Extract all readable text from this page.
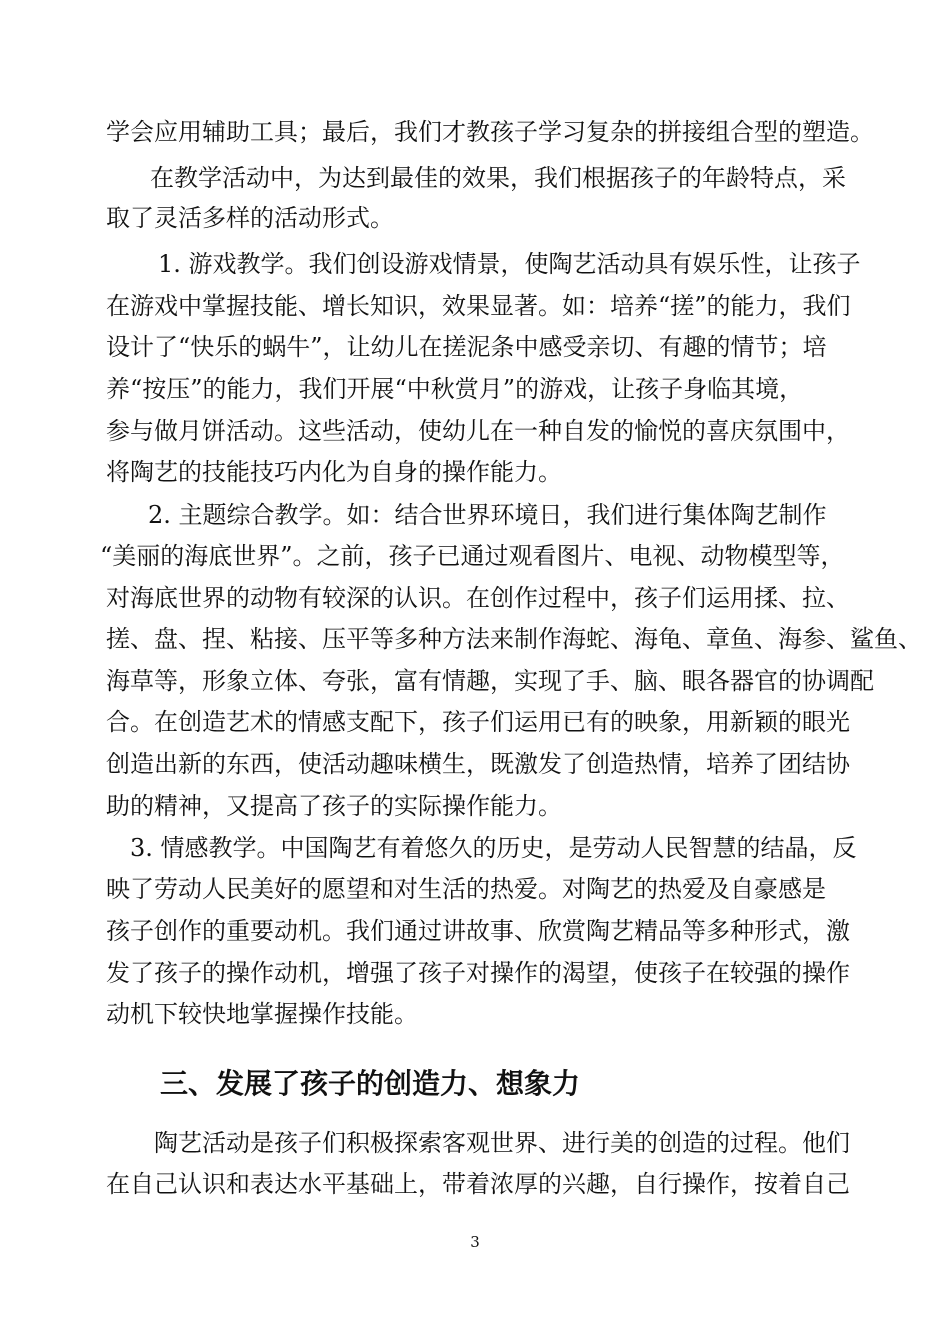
学会应用辅助工具；最后，我们才教孩子学习复杂的拼接组合型的塑造。
在教学活动中，为达到最佳的效果，我们根据孩子的年龄特点，采
取了灵活多样的活动形式。
1. 游戏教学。我们创设游戏情景，使陶艺活动具有娱乐性，让孩子
在游戏中掌握技能、增长知识，效果显著。如：培养“搓”的能力，我们
设计了“快乐的蜗牛”，让幼儿在搓泥条中感受亲切、有趣的情节；培
养“按压”的能力，我们开展“中秋赏月”的游戏，让孩子身临其境，
参与做月饼活动。这些活动，使幼儿在一种自发的愉悦的喜庆氛围中，
将陶艺的技能技巧内化为自身的操作能力。
2. 主题综合教学。如：结合世界环境日，我们进行集体陶艺制作
“美丽的海底世界”。之前，孩子已通过观看图片、电视、动物模型等，
对海底世界的动物有较深的认识。在创作过程中，孩子们运用揉、拉、
搓、盘、捏、粘接、压平等多种方法来制作海蛇、海龟、章鱼、海参、鲨鱼、
海草等，形象立体、夸张，富有情趣，实现了手、脑、眼各器官的协调配
合。在创造艺术的情感支配下，孩子们运用已有的映象，用新颖的眼光
创造出新的东西，使活动趣味横生，既激发了创造热情，培养了团结协
助的精神，又提高了孩子的实际操作能力。
3. 情感教学。中国陶艺有着悠久的历史，是劳动人民智慧的结晶，反
映了劳动人民美好的愿望和对生活的热爱。对陶艺的热爱及自豪感是
孩子创作的重要动机。我们通过讲故事、欣赏陶艺精品等多种形式，激
发了孩子的操作动机，增强了孩子对操作的渴望，使孩子在较强的操作
动机下较快地掌握操作技能。
三、发展了孩子的创造力、想象力
陶艺活动是孩子们积极探索客观世界、进行美的创造的过程。他们
在自己认识和表达水平基础上，带着浓厚的兴趣，自行操作，按着自己
3
